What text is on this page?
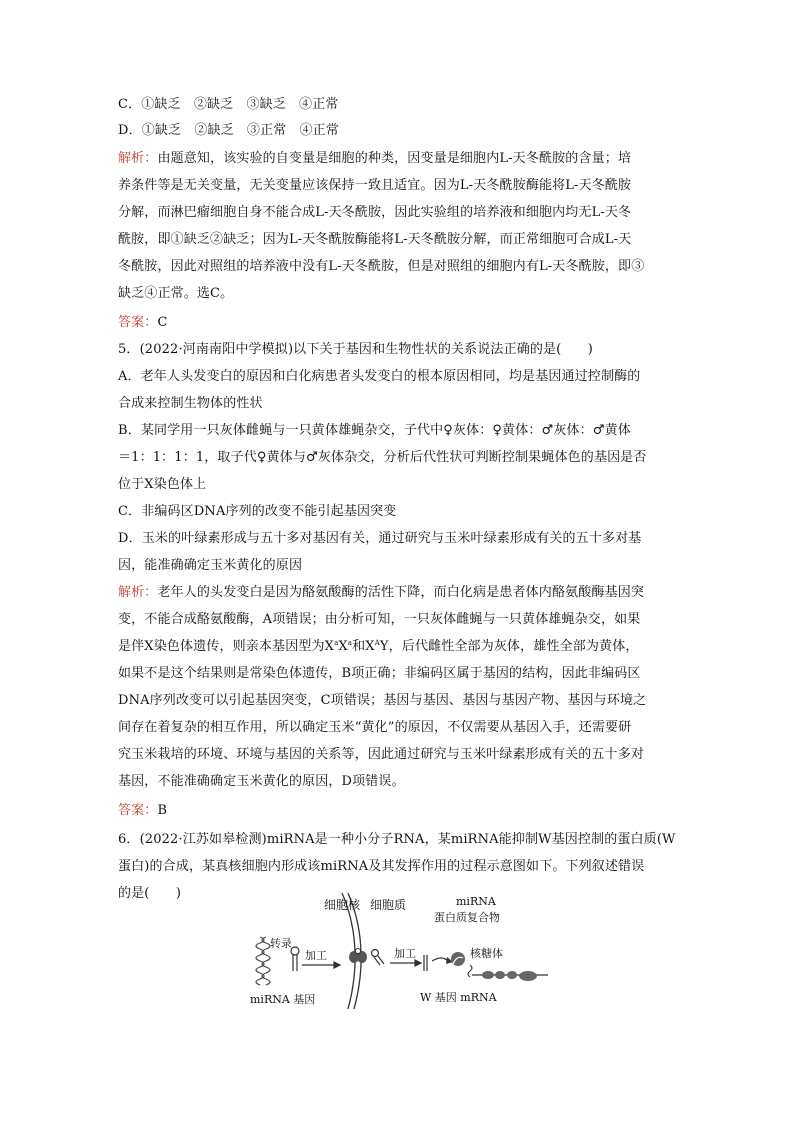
C．①缺乏　②缺乏　③缺乏　④正常
D．①缺乏　②缺乏　③正常　④正常
解析：由题意知，该实验的自变量是细胞的种类，因变量是细胞内L-天冬酰胺的含量；培
养条件等是无关变量，无关变量应该保持一致且适宜。因为L-天冬酰胺酶能将L-天冬酰胺
分解，而淋巴瘤细胞自身不能合成L-天冬酰胺，因此实验组的培养液和细胞内均无L-天冬
酰胺，即①缺乏②缺乏；因为L-天冬酰胺酶能将L-天冬酰胺分解，而正常细胞可合成L-天
冬酰胺，因此对照组的培养液中没有L-天冬酰胺，但是对照组的细胞内有L-天冬酰胺，即③
缺乏④正常。选C。
答案：C
5．(2022·河南南阳中学模拟)以下关于基因和生物性状的关系说法正确的是(　　)
A．老年人头发变白的原因和白化病患者头发变白的根本原因相同，均是基因通过控制酶的
合成来控制生物体的性状
B．某同学用一只灰体雌蝇与一只黄体雄蝇杂交，子代中♀灰体：♀黄体：♂灰体：♂黄体
＝1：1：1：1，取子代♀黄体与♂灰体杂交，分析后代性状可判断控制果蝇体色的基因是否
位于X染色体上
C．非编码区DNA序列的改变不能引起基因突变
D．玉米的叶绿素形成与五十多对基因有关，通过研究与玉米叶绿素形成有关的五十多对基
因，能准确确定玉米黄化的原因
解析：老年人的头发变白是因为酪氨酸酶的活性下降，而白化病是患者体内酪氨酸酶基因突
变，不能合成酪氨酸酶，A项错误；由分析可知，一只灰体雌蝇与一只黄体雄蝇杂交，如果
是伴X染色体遗传，则亲本基因型为$X^aX^a$和$X^AY$，后代雌性全部为灰体，雄性全部为黄体，
如果不是这个结果则是常染色体遗传，B项正确；非编码区属于基因的结构，因此非编码区
DNA序列改变可以引起基因突变，C项错误；基因与基因、基因与基因产物、基因与环境之
间存在着复杂的相互作用，所以确定玉米“黄化”的原因，不仅需要从基因入手，还需要研
究玉米栽培的环境、环境与基因的关系等，因此通过研究与玉米叶绿素形成有关的五十多对
基因，不能准确确定玉米黄化的原因，D项错误。
答案：B
6．(2022·江苏如皋检测)miRNA是一种小分子RNA，某miRNA能抑制W基因控制的蛋白质(W
蛋白)的合成，某真核细胞内形成该miRNA及其发挥作用的过程示意图如下。下列叙述错误
的是(　　)
细胞核 细胞质
转录
加工	加工
miRNA 基因
miRNA
蛋白质复合物
核糖体
W 基因 mRNA
